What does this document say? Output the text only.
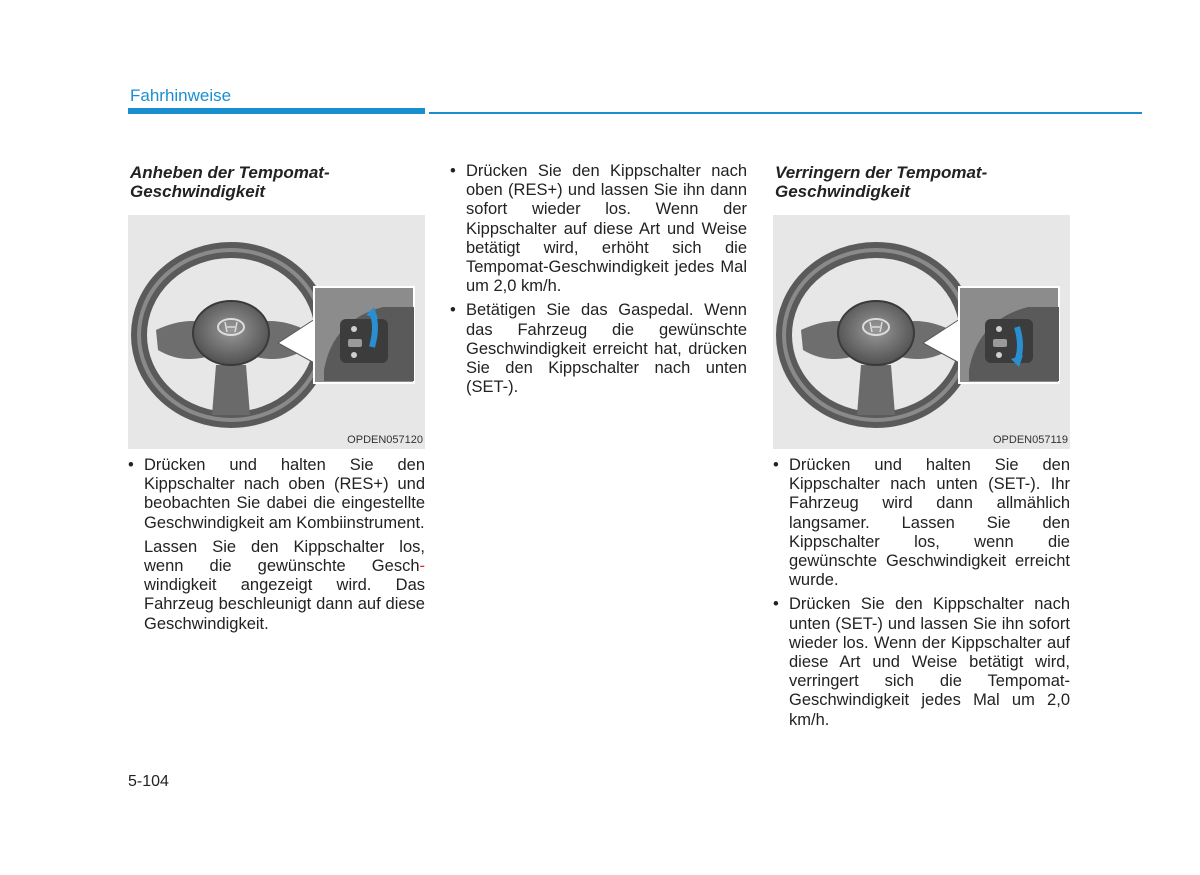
Fahrhinweise
Anheben der Tempomat-Geschwindigkeit
OPDEN057120

• Drücken und halten Sie den Kippschalter nach oben (RES+) und beobachten Sie dabei die eingestellte Geschwindigkeit am Kombiinstrument.

Lassen Sie den Kippschalter los, wenn die gewünschte Gesch-windigkeit angezeigt wird. Das Fahrzeug beschleunigt dann auf diese Geschwindigkeit.

• Drücken Sie den Kippschalter nach oben (RES+) und lassen Sie ihn dann sofort wieder los. Wenn der Kippschalter auf diese Art und Weise betätigt wird, erhöht sich die Tempomat-Geschwindigkeit jedes Mal um 2,0 km/h.

• Betätigen Sie das Gaspedal. Wenn das Fahrzeug die gewünschte Geschwindigkeit erreicht hat, drücken Sie den Kippschalter nach unten (SET-).

Verringern der Tempomat-Geschwindigkeit
OPDEN057119

• Drücken und halten Sie den Kippschalter nach unten (SET-). Ihr Fahrzeug wird dann allmählich langsamer. Lassen Sie den Kippschalter los, wenn die gewünschte Geschwindigkeit erreicht wurde.

• Drücken Sie den Kippschalter nach unten (SET-) und lassen Sie ihn sofort wieder los. Wenn der Kippschalter auf diese Art und Weise betätigt wird, verringert sich die Tempomat-Geschwindigkeit jedes Mal um 2,0 km/h.

5-104
